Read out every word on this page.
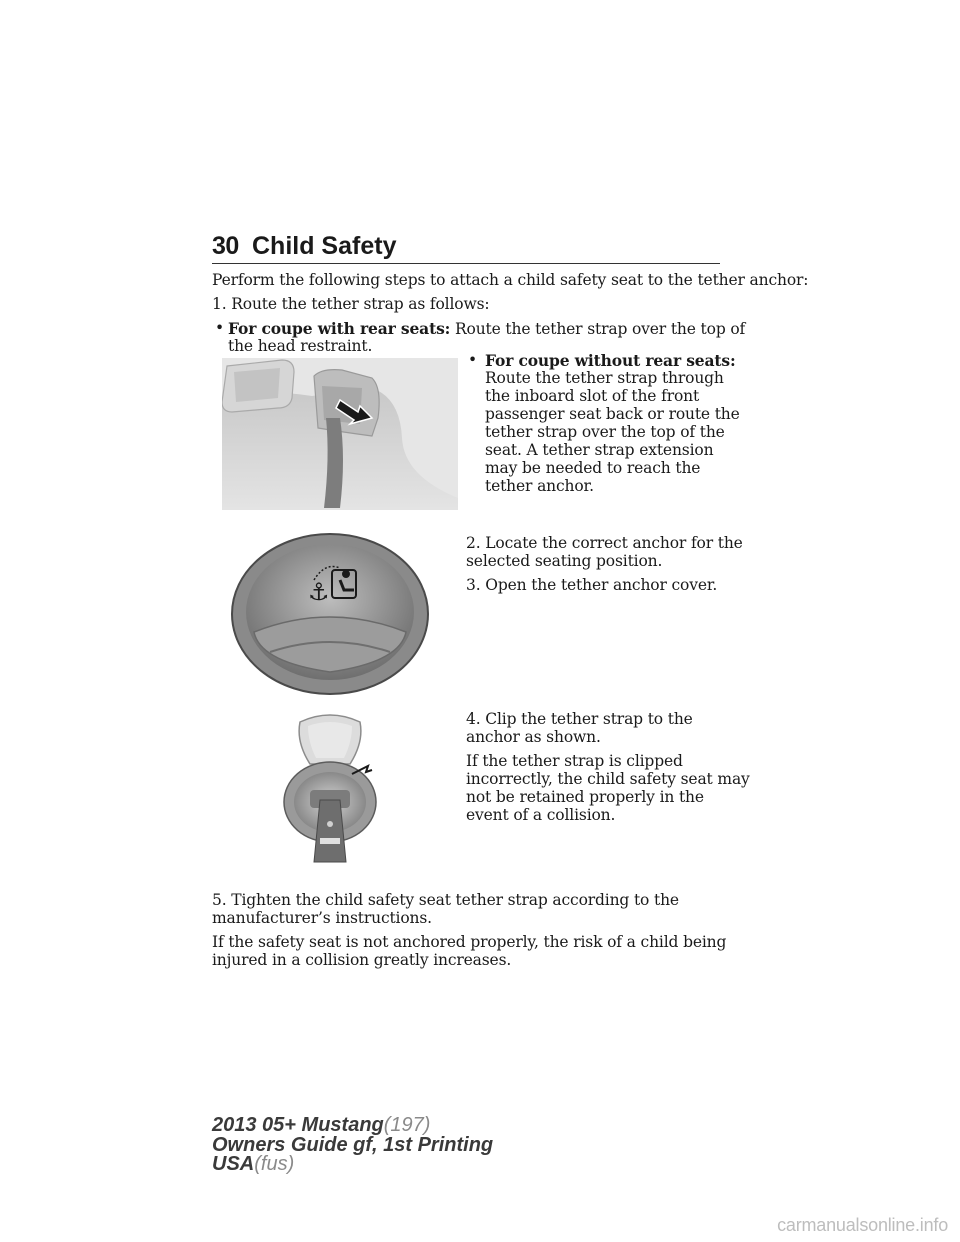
30 Child Safety
Perform the following steps to attach a child safety seat to the tether anchor:
1. Route the tether strap as follows:
• For coupe with rear seats: Route the tether strap over the top of
the head restraint.
• For coupe without rear seats:
Route the tether strap through
the inboard slot of the front
passenger seat back or route the
tether strap over the top of the
seat. A tether strap extension
may be needed to reach the
tether anchor.
⚓
2. Locate the correct anchor for the
selected seating position.
3. Open the tether anchor cover.
4. Clip the tether strap to the
anchor as shown.
If the tether strap is clipped
incorrectly, the child safety seat may
not be retained properly in the
event of a collision.
5. Tighten the child safety seat tether strap according to the
manufacturer’s instructions.
If the safety seat is not anchored properly, the risk of a child being
injured in a collision greatly increases.
2013 05+ Mustang(197)
Owners Guide gf, 1st Printing
USA(fus)
carmanualsonline.info
